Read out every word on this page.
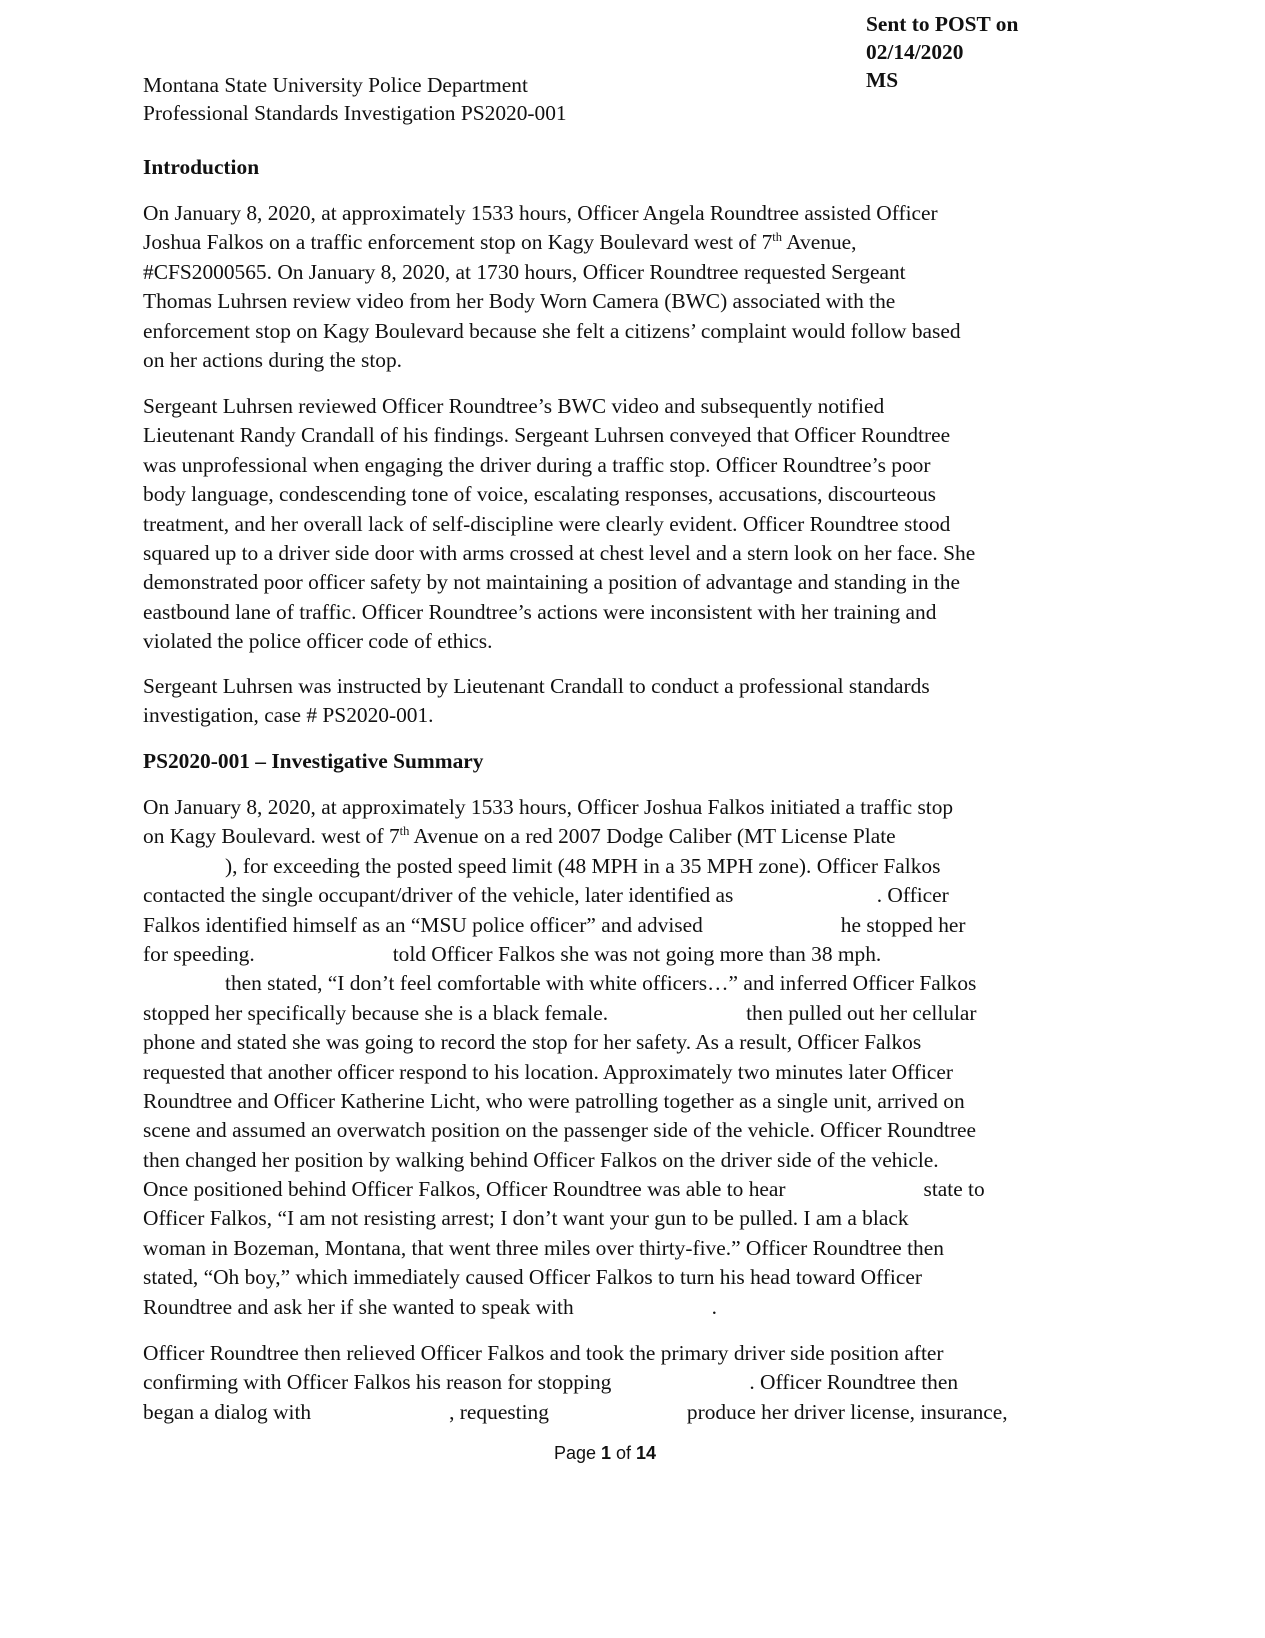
Sent to POST on
02/14/2020
MS
Montana State University Police Department
Professional Standards Investigation PS2020-001
Introduction
On January 8, 2020, at approximately 1533 hours, Officer Angela Roundtree assisted Officer
Joshua Falkos on a traffic enforcement stop on Kagy Boulevard west of 7th Avenue,
#CFS2000565. On January 8, 2020, at 1730 hours, Officer Roundtree requested Sergeant
Thomas Luhrsen review video from her Body Worn Camera (BWC) associated with the
enforcement stop on Kagy Boulevard because she felt a citizens’ complaint would follow based
on her actions during the stop.
Sergeant Luhrsen reviewed Officer Roundtree’s BWC video and subsequently notified
Lieutenant Randy Crandall of his findings. Sergeant Luhrsen conveyed that Officer Roundtree
was unprofessional when engaging the driver during a traffic stop. Officer Roundtree’s poor
body language, condescending tone of voice, escalating responses, accusations, discourteous
treatment, and her overall lack of self-discipline were clearly evident. Officer Roundtree stood
squared up to a driver side door with arms crossed at chest level and a stern look on her face. She
demonstrated poor officer safety by not maintaining a position of advantage and standing in the
eastbound lane of traffic. Officer Roundtree’s actions were inconsistent with her training and
violated the police officer code of ethics.
Sergeant Luhrsen was instructed by Lieutenant Crandall to conduct a professional standards
investigation, case # PS2020-001.
PS2020-001 – Investigative Summary
On January 8, 2020, at approximately 1533 hours, Officer Joshua Falkos initiated a traffic stop
on Kagy Boulevard. west of 7th Avenue on a red 2007 Dodge Caliber (MT License Plate
), for exceeding the posted speed limit (48 MPH in a 35 MPH zone). Officer Falkos
contacted the single occupant/driver of the vehicle, later identified as	. Officer
Falkos identified himself as an “MSU police officer” and advised	he stopped her
for speeding.	told Officer Falkos she was not going more than 38 mph.
then stated, “I don’t feel comfortable with white officers…” and inferred Officer Falkos
stopped her specifically because she is a black female.	then pulled out her cellular
phone and stated she was going to record the stop for her safety. As a result, Officer Falkos
requested that another officer respond to his location. Approximately two minutes later Officer
Roundtree and Officer Katherine Licht, who were patrolling together as a single unit, arrived on
scene and assumed an overwatch position on the passenger side of the vehicle. Officer Roundtree
then changed her position by walking behind Officer Falkos on the driver side of the vehicle.
Once positioned behind Officer Falkos, Officer Roundtree was able to hear	state to
Officer Falkos, “I am not resisting arrest; I don’t want your gun to be pulled. I am a black
woman in Bozeman, Montana, that went three miles over thirty-five.” Officer Roundtree then
stated, “Oh boy,” which immediately caused Officer Falkos to turn his head toward Officer
Roundtree and ask her if she wanted to speak with	.
Officer Roundtree then relieved Officer Falkos and took the primary driver side position after
confirming with Officer Falkos his reason for stopping	. Officer Roundtree then
began a dialog with	, requesting	produce her driver license, insurance,
Page 1 of 14
